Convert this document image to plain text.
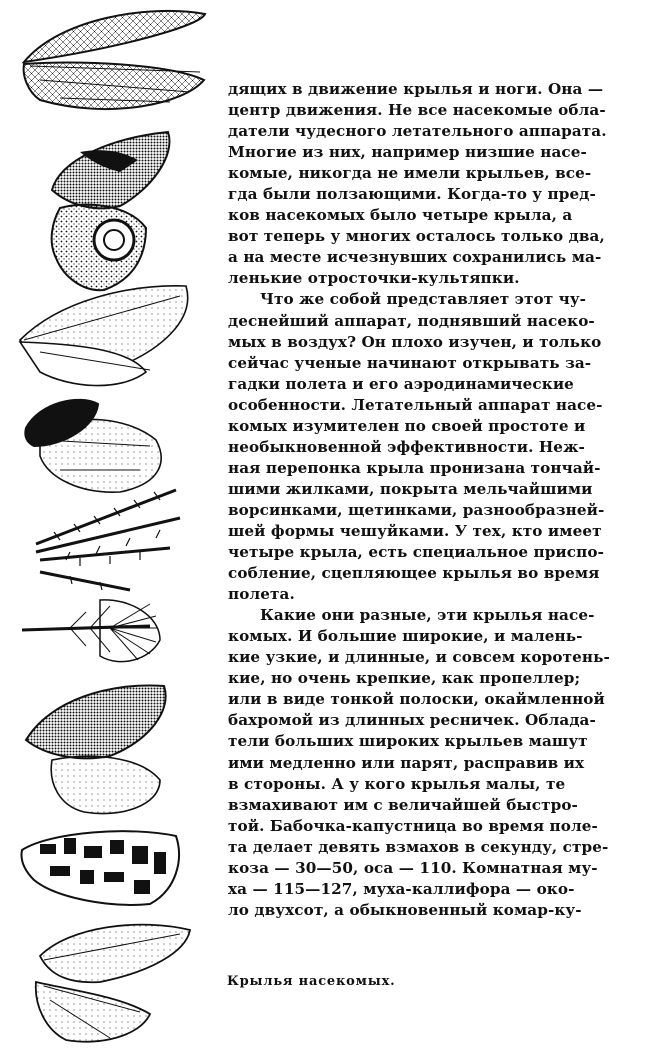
дящих в движение крылья и ноги. Она —
центр движения. Не все насекомые обла-
датели чудесного летательного аппарата.
Многие из них, например низшие насе-
комые, никогда не имели крыльев, все-
гда были ползающими. Когда-то у пред-
ков насекомых было четыре крыла, а
вот теперь у многих осталось только два,
а на месте исчезнувших сохранились ма-
ленькие отросточки-культяпки.
Что же собой представляет этот чу-
деснейший аппарат, поднявший насеко-
мых в воздух? Он плохо изучен, и только
сейчас ученые начинают открывать за-
гадки полета и его аэродинамические
особенности. Летательный аппарат насе-
комых изумителен по своей простоте и
необыкновенной эффективности. Неж-
ная перепонка крыла пронизана тончай-
шими жилками, покрыта мельчайшими
ворсинками, щетинками, разнообразней-
шей формы чешуйками. У тех, кто имеет
четыре крыла, есть специальное приспо-
собление, сцепляющее крылья во время
полета.
Какие они разные, эти крылья насе-
комых. И большие широкие, и малень-
кие узкие, и длинные, и совсем коротень-
кие, но очень крепкие, как пропеллер;
или в виде тонкой полоски, окаймленной
бахромой из длинных ресничек. Облада-
тели больших широких крыльев машут
ими медленно или парят, расправив их
в стороны. А у кого крылья малы, те
взмахивают им с величайшей быстро-
той. Бабочка-капустница во время поле-
та делает девять взмахов в секунду, стре-
коза — 30—50, оса — 110. Комнатная му-
ха — 115—127, муха-каллифора — око-
ло двухсот, а обыкновенный комар-ку-
Крылья насекомых.
